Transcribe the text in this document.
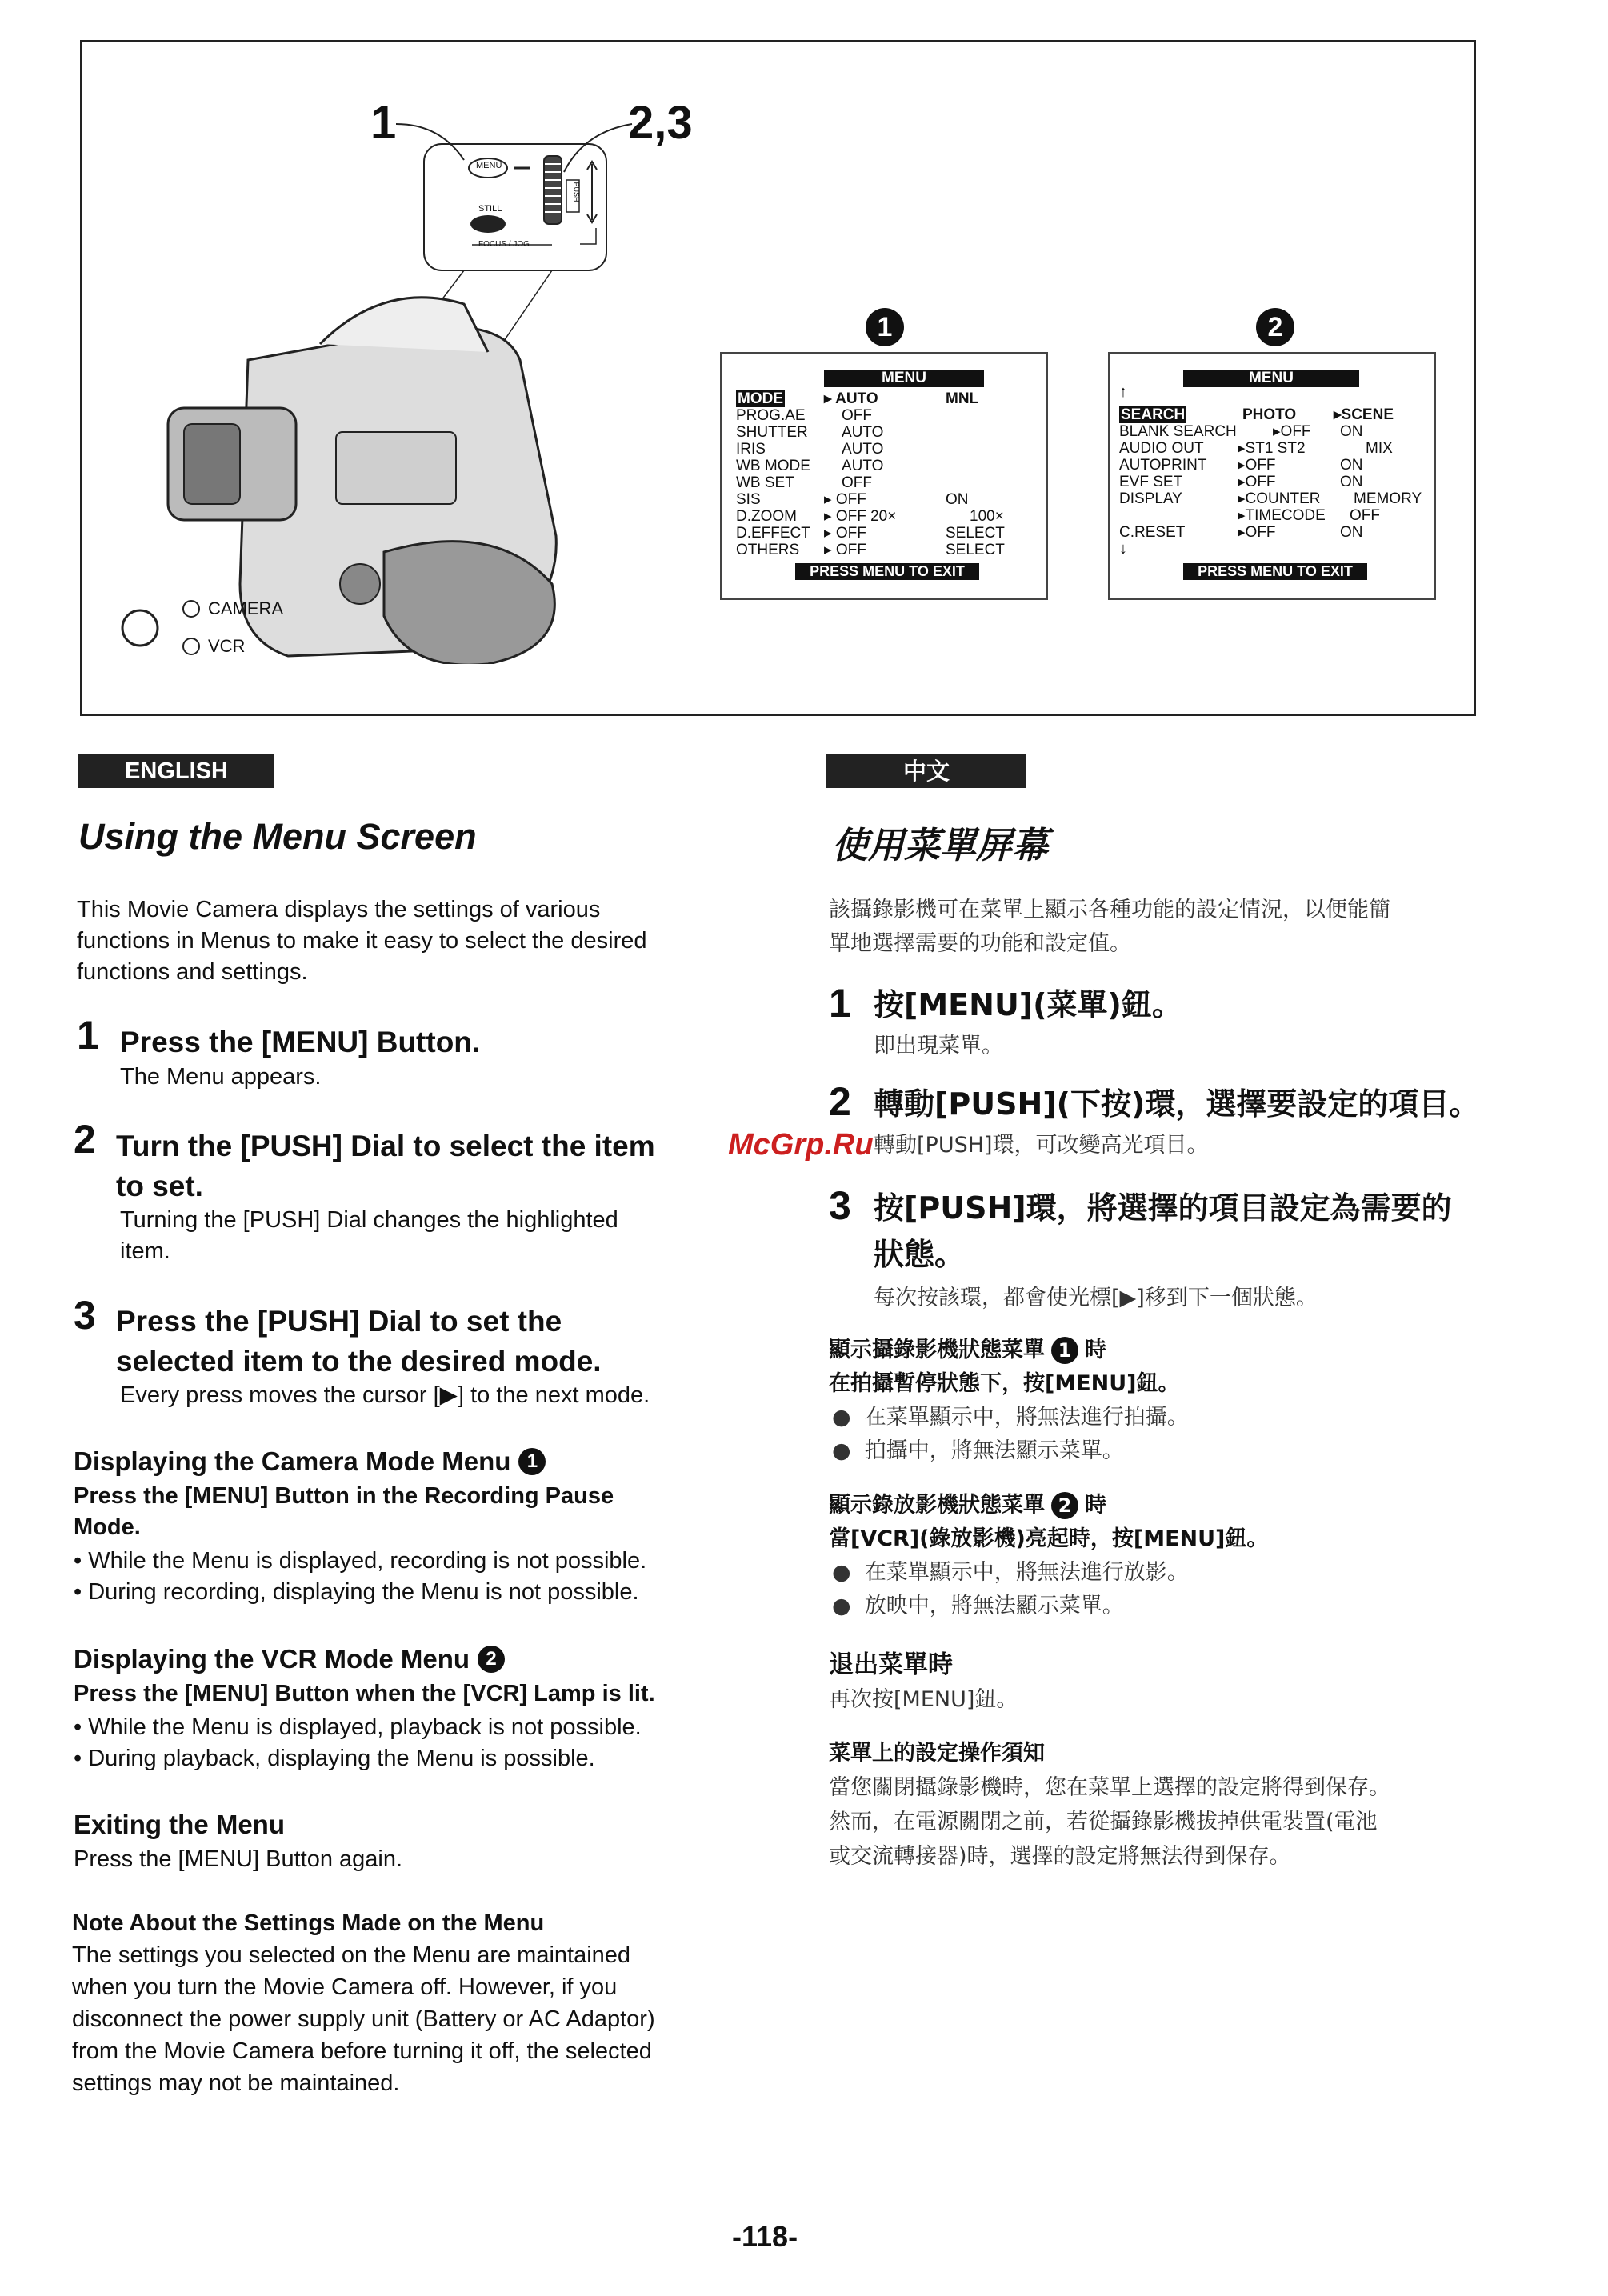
1	2,3
CAMERA
VCR
MENU
STILL
FOCUS / JOG
PUSH
1	2
MENU
MODE	▸ AUTO	MNL
PROG.AE OFF
SHUTTER AUTO
IRIS	AUTO
WB MODE AUTO
WB SET	OFF
SIS	▸ OFF	ON
D.ZOOM ▸ OFF 20×	100×
D.EFFECT ▸ OFF	SELECT
OTHERS ▸ OFF	SELECT
PRESS MENU TO EXIT
MENU
↑
SEARCH	PHOTO ▸SCENE
BLANK SEARCH ▸OFF ON
AUDIO OUT ▸ST1 ST2	MIX
AUTOPRINT ▸OFF	ON
EVF SET	▸OFF	ON
DISPLAY	▸COUNTER MEMORY
▸TIMECODE OFF
C.RESET	▸OFF	ON
↓
PRESS MENU TO EXIT
ENGLISH
Using the Menu Screen
This Movie Camera displays the settings of various
functions in Menus to make it easy to select the desired
functions and settings.
1 Press the [MENU] Button.
The Menu appears.
2 Turn the [PUSH] Dial to select the item
to set.
Turning the [PUSH] Dial changes the highlighted
item.
3 Press the [PUSH] Dial to set the
selected item to the desired mode.
Every press moves the cursor [▶] to the next mode.
Displaying the Camera Mode Menu 1
Press the [MENU] Button in the Recording Pause
Mode.
• While the Menu is displayed, recording is not possible.
• During recording, displaying the Menu is not possible.
Displaying the VCR Mode Menu 2
Press the [MENU] Button when the [VCR] Lamp is lit.
• While the Menu is displayed, playback is not possible.
• During playback, displaying the Menu is possible.
Exiting the Menu
Press the [MENU] Button again.
Note About the Settings Made on the Menu
The settings you selected on the Menu are maintained
when you turn the Movie Camera off. However, if you
disconnect the power supply unit (Battery or AC Adaptor)
from the Movie Camera before turning it off, the selected
settings may not be maintained.
McGrp.Ru
中文
使用菜單屏幕
該攝錄影機可在菜單上顯示各種功能的設定情況，以便能簡
單地選擇需要的功能和設定值。
1 按[MENU](菜單)鈕。
即出現菜單。
2 轉動[PUSH](下按)環，選擇要設定的項目。
轉動[PUSH]環，可改變高光項目。
3 按[PUSH]環，將選擇的項目設定為需要的
狀態。
每次按該環，都會使光標[▶]移到下一個狀態。
顯示攝錄影機狀態菜單 1 時
在拍攝暫停狀態下，按[MENU]鈕。
●  在菜單顯示中，將無法進行拍攝。
●  拍攝中，將無法顯示菜單。
顯示錄放影機狀態菜單 2 時
當[VCR](錄放影機)亮起時，按[MENU]鈕。
●  在菜單顯示中，將無法進行放影。
●  放映中，將無法顯示菜單。
退出菜單時
再次按[MENU]鈕。
菜單上的設定操作須知
當您關閉攝錄影機時，您在菜單上選擇的設定將得到保存。
然而，在電源關閉之前，若從攝錄影機拔掉供電裝置(電池
或交流轉接器)時，選擇的設定將無法得到保存。
-118-
